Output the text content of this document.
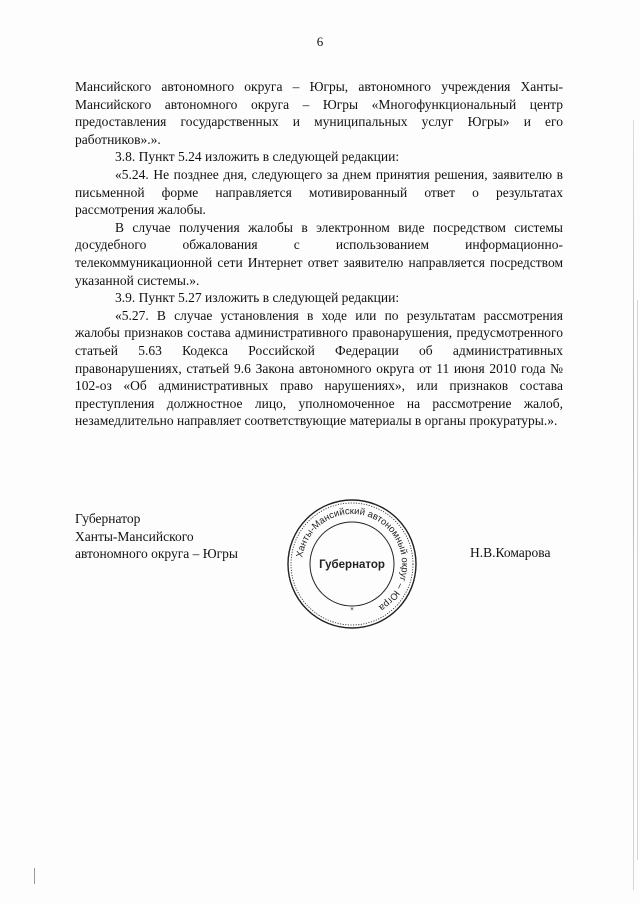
6

Мансийского автономного округа – Югры, автономного учреждения Ханты-Мансийского автономного округа – Югры «Многофункциональный центр предоставления государственных и муниципальных услуг Югры» и его работников».».

3.8. Пункт 5.24 изложить в следующей редакции:

«5.24. Не позднее дня, следующего за днем принятия решения, заявителю в письменной форме направляется мотивированный ответ о результатах рассмотрения жалобы.

В случае получения жалобы в электронном виде посредством системы досудебного обжалования с использованием информационно-телекоммуникационной сети Интернет ответ заявителю направляется посредством указанной системы.».

3.9. Пункт 5.27 изложить в следующей редакции:

«5.27. В случае установления в ходе или по результатам рассмотрения жалобы признаков состава административного правонарушения, предусмотренного статьей 5.63 Кодекса Российской Федерации об административных правонарушениях, статьей 9.6 Закона автономного округа от 11 июня 2010 года № 102-оз «Об административных право нарушениях», или признаков состава преступления должностное лицо, уполномоченное на рассмотрение жалоб, незамедлительно направляет соответствующие материалы в органы прокуратуры.».

Губернатор
Ханты-Мансийского
автономного округа – Югры	Ханты-Мансийский автономный округ – Югра
Губернатор
*
Н.В.Комарова
